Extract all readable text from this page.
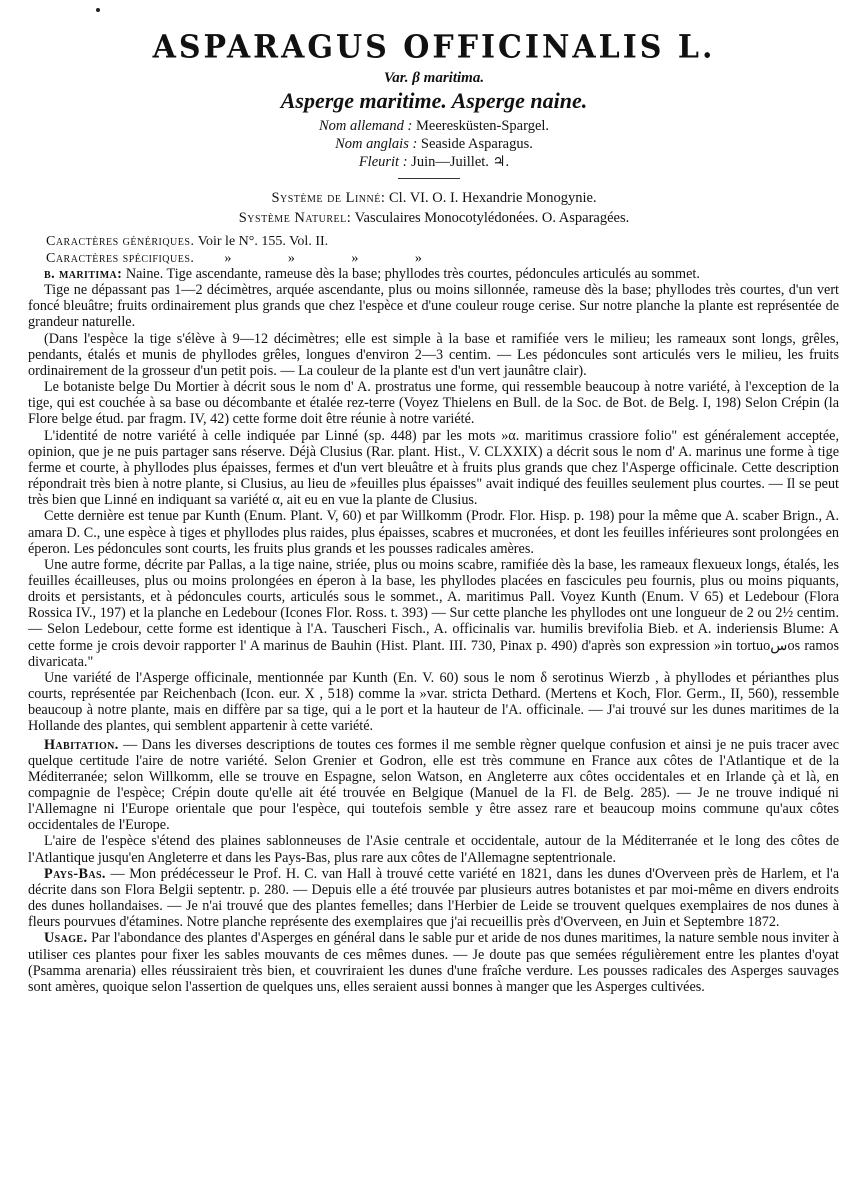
ASPARAGUS OFFICINALIS L.
Var. β maritima.
Asperge maritime. Asperge naine.
Nom allemand : Meeresküsten-Spargel.
Nom anglais : Seaside Asparagus.
Fleurit : Juin—Juillet. ♃.
Système de Linné: Cl. VI. O. I. Hexandrie Monogynie.
Système Naturel: Vasculaires Monocotylédonées. O. Asparagées.
Caractères génériques. Voir le N°. 155. Vol. II.
Caractères spécifiques. »	»	»	»

β. maritima: Naine. Tige ascendante, rameuse dès la base; phyllodes très courtes, pédoncules articulés au sommet.

Tige ne dépassant pas 1—2 décimètres, arquée ascendante, plus ou moins sillonnée, rameuse dès la base; phyllodes très courtes, d'un vert foncé bleuâtre; fruits ordinairement plus grands que chez l'espèce et d'une couleur rouge cerise. Sur notre planche la plante est représentée de grandeur naturelle.

(Dans l'espèce la tige s'élève à 9—12 décimètres; elle est simple à la base et ramifiée vers le milieu; les rameaux sont longs, grêles, pendants, étalés et munis de phyllodes grêles, longues d'environ 2—3 centim. — Les pédoncules sont articulés vers le milieu, les fruits ordinairement de la grosseur d'un petit pois. — La couleur de la plante est d'un vert jaunâtre clair).

Le botaniste belge Du Mortier à décrit sous le nom d' A. prostratus une forme, qui ressemble beaucoup à notre variété, à l'exception de la tige, qui est couchée à sa base ou décombante et étalée rez-terre (Voyez Thielens en Bull. de la Soc. de Bot. de Belg. I, 198) Selon Crépin (la Flore belge étud. par fragm. IV, 42) cette forme doit être réunie à notre variété.

L'identité de notre variété à celle indiquée par Linné (sp. 448) par les mots »α. maritimus crassiore folio" est généralement acceptée, opinion, que je ne puis partager sans réserve. Déjà Clusius (Rar. plant. Hist., V. CLXXIX) a décrit sous le nom d' A. marinus une forme à tige ferme et courte, à phyllodes plus épaisses, fermes et d'un vert bleuâtre et à fruits plus grands que chez l'Asperge officinale. Cette description répondrait très bien à notre plante, si Clusius, au lieu de »feuilles plus épaisses" avait indiqué des feuilles seulement plus courtes. — Il se peut très bien que Linné en indiquant sa variété α, ait eu en vue la plante de Clusius.

Cette dernière est tenue par Kunth (Enum. Plant. V, 60) et par Willkomm (Prodr. Flor. Hisp. p. 198) pour la même que A. scaber Brign., A. amara D. C., une espèce à tiges et phyllodes plus raides, plus épaisses, scabres et mucronées, et dont les feuilles inférieures sont prolongées en éperon. Les pédoncules sont courts, les fruits plus grands et les pousses radicales amères.

Une autre forme, décrite par Pallas, a la tige naine, striée, plus ou moins scabre, ramifiée dès la base, les rameaux flexueux longs, étalés, les feuilles écailleuses, plus ou moins prolongées en éperon à la base, les phyllodes placées en fascicules peu fournis, plus ou moins piquants, droits et persistants, et à pédoncules courts, articulés sous le sommet., A. maritimus Pall. Voyez Kunth (Enum. V 65) et Ledebour (Flora Rossica IV., 197) et la planche en Ledebour (Icones Flor. Ross. t. 393) — Sur cette planche les phyllodes ont une longueur de 2 ou 2½ centim. — Selon Ledebour, cette forme est identique à l'A. Tauscheri Fisch., A. officinalis var. humilis brevifolia Bieb. et A. inderiensis Blume: A cette forme je crois devoir rapporter l' A marinus de Bauhin (Hist. Plant. III. 730, Pinax p. 490) d'après son expression »in tortuoسos ramos divaricata."

Une variété de l'Asperge officinale, mentionnée par Kunth (En. V. 60) sous le nom δ serotinus Wierzb , à phyllodes et périanthes plus courts, représentée par Reichenbach (Icon. eur. X , 518) comme la »var. stricta Dethard. (Mertens et Koch, Flor. Germ., II, 560), ressemble beaucoup à notre plante, mais en diffère par sa tige, qui a le port et la hauteur de l'A. officinale. — J'ai trouvé sur les dunes maritimes de la Hollande des plantes, qui semblent appartenir à cette variété.

Habitation. — Dans les diverses descriptions de toutes ces formes il me semble règner quelque confusion et ainsi je ne puis tracer avec quelque certitude l'aire de notre variété. Selon Grenier et Godron, elle est très commune en France aux côtes de l'Atlantique et de la Méditerranée; selon Willkomm, elle se trouve en Espagne, selon Watson, en Angleterre aux côtes occidentales et en Irlande çà et là, en compagnie de l'espèce; Crépin doute qu'elle ait été trouvée en Belgique (Manuel de la Fl. de Belg. 285). — Je ne trouve indiqué ni l'Allemagne ni l'Europe orientale que pour l'espèce, qui toutefois semble y être assez rare et beaucoup moins commune qu'aux côtes occidentales de l'Europe.

L'aire de l'espèce s'étend des plaines sablonneuses de l'Asie centrale et occidentale, autour de la Méditerranée et le long des côtes de l'Atlantique jusqu'en Angleterre et dans les Pays-Bas, plus rare aux côtes de l'Allemagne septentrionale.

Pays-Bas. — Mon prédécesseur le Prof. H. C. van Hall à trouvé cette variété en 1821, dans les dunes d'Overveen près de Harlem, et l'a décrite dans son Flora Belgii septentr. p. 280. — Depuis elle a été trouvée par plusieurs autres botanistes et par moi-même en divers endroits des dunes hollandaises. — Je n'ai trouvé que des plantes femelles; dans l'Herbier de Leide se trouvent quelques exemplaires de nos dunes à fleurs pourvues d'étamines. Notre planche représente des exemplaires que j'ai recueillis près d'Overveen, en Juin et Septembre 1872.

Usage. Par l'abondance des plantes d'Asperges en général dans le sable pur et aride de nos dunes maritimes, la nature semble nous inviter à utiliser ces plantes pour fixer les sables mouvants de ces mêmes dunes. — Je doute pas que semées régulièrement entre les plantes d'oyat (Psamma arenaria) elles réussiraient très bien, et couvriraient les dunes d'une fraîche verdure. Les pousses radicales des Asperges sauvages sont amères, quoique selon l'assertion de quelques uns, elles seraient aussi bonnes à manger que les Asperges cultivées.
